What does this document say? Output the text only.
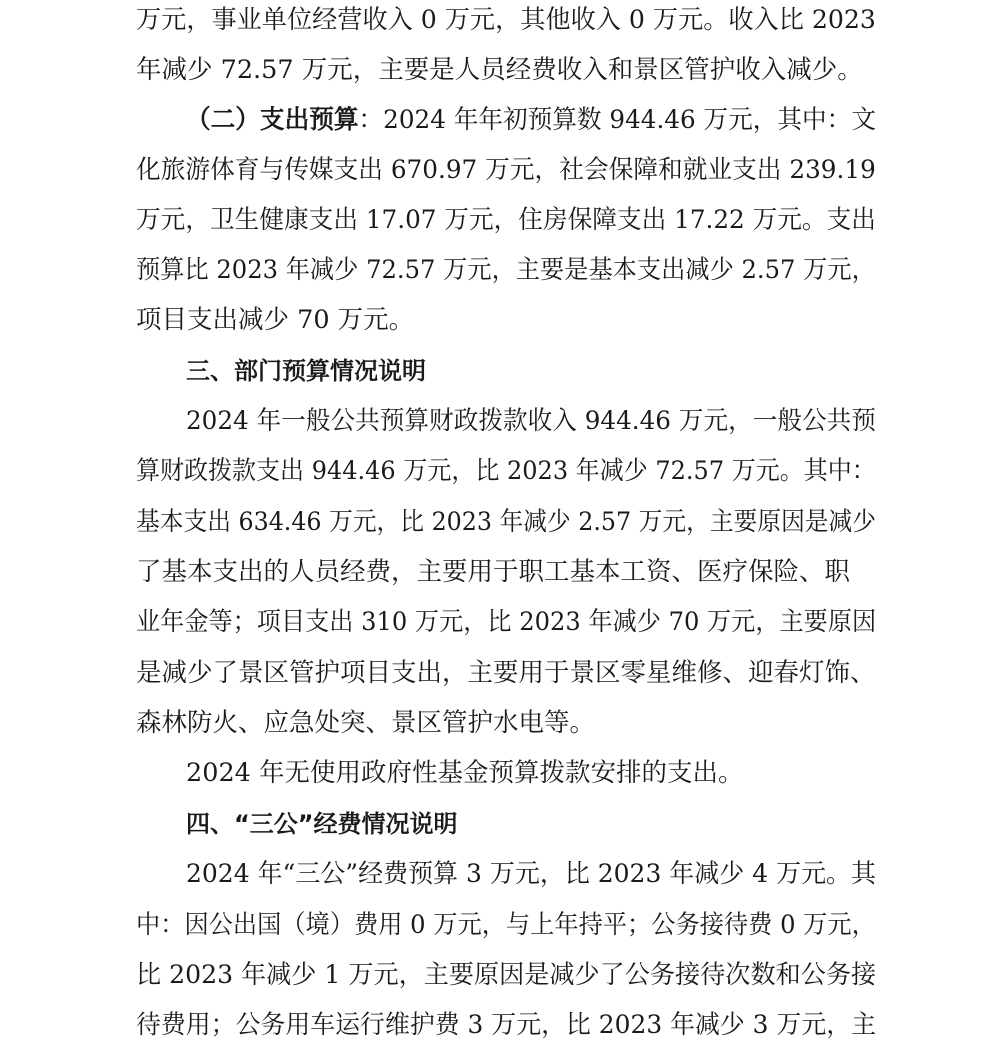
万元，事业单位经营收入 0 万元，其他收入 0 万元。收入比 2023
年减少 72.57 万元，主要是人员经费收入和景区管护收入减少。
（二）支出预算：2024 年年初预算数 944.46 万元，其中：文
化旅游体育与传媒支出 670.97 万元，社会保障和就业支出 239.19
万元，卫生健康支出 17.07 万元，住房保障支出 17.22 万元。支出
预算比 2023 年减少 72.57 万元，主要是基本支出减少 2.57 万元，
项目支出减少 70 万元。
三、部门预算情况说明
2024 年一般公共预算财政拨款收入 944.46 万元，一般公共预
算财政拨款支出 944.46 万元，比 2023 年减少 72.57 万元。其中：
基本支出 634.46 万元，比 2023 年减少 2.57 万元，主要原因是减少
了基本支出的人员经费，主要用于职工基本工资、医疗保险、职
业年金等；项目支出 310 万元，比 2023 年减少 70 万元，主要原因
是减少了景区管护项目支出，主要用于景区零星维修、迎春灯饰、
森林防火、应急处突、景区管护水电等。
2024 年无使用政府性基金预算拨款安排的支出。
四、“三公”经费情况说明
2024 年“三公”经费预算 3 万元，比 2023 年减少 4 万元。其
中：因公出国（境）费用 0 万元，与上年持平；公务接待费 0 万元，
比 2023 年减少 1 万元，主要原因是减少了公务接待次数和公务接
待费用；公务用车运行维护费 3 万元，比 2023 年减少 3 万元，主
